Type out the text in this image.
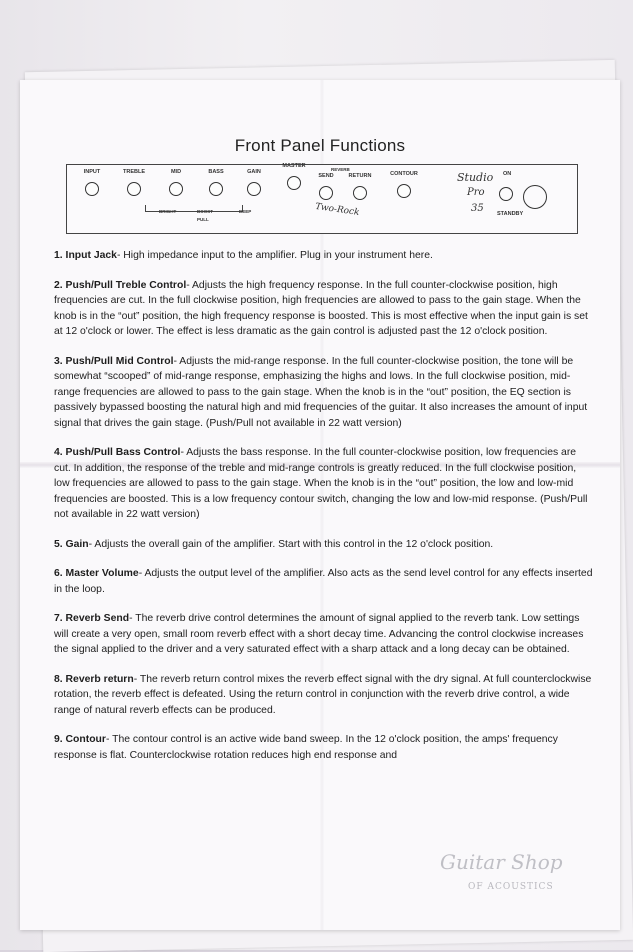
Front Panel Functions
INPUT	TREBLE	MID	BASS	GAIN
MASTER
REVERB
SEND	RETURN	CONTOUR
BRIGHT	BOOST
PULL
DEEP	Two-Rock
Studio
Pro
35
ON
STANDBY

1. Input Jack- High impedance input to the amplifier. Plug in your instrument here.

2. Push/Pull Treble Control- Adjusts the high frequency response. In the full counter-clockwise position, high frequencies are cut. In the full clockwise position, high frequencies are allowed to pass to the gain stage. When the knob is in the “out” position, the high frequency response is boosted. This is most effective when the input gain is set at 12 o'clock or lower. The effect is less dramatic as the gain control is adjusted past the 12 o'clock position.

3. Push/Pull Mid Control- Adjusts the mid-range response. In the full counter-clockwise position, the tone will be somewhat “scooped” of mid-range response, emphasizing the highs and lows. In the full clockwise position, mid-range frequencies are allowed to pass to the gain stage. When the knob is in the “out” position, the EQ section is passively bypassed boosting the natural high and mid frequencies of the guitar. It also increases the amount of input signal that drives the gain stage. (Push/Pull not available in 22 watt version)

4. Push/Pull Bass Control- Adjusts the bass response. In the full counter-clockwise position, low frequencies are cut. In addition, the response of the treble and mid-range controls is greatly reduced. In the full clockwise position, low frequencies are allowed to pass to the gain stage. When the knob is in the “out” position, the low and low-mid frequencies are boosted. This is a low frequency contour switch, changing the low and low-mid response. (Push/Pull not available in 22 watt version)

5. Gain- Adjusts the overall gain of the amplifier. Start with this control in the 12 o'clock position.

6. Master Volume- Adjusts the output level of the amplifier. Also acts as the send level control for any effects inserted in the loop.

7. Reverb Send- The reverb drive control determines the amount of signal applied to the reverb tank. Low settings will create a very open, small room reverb effect with a short decay time. Advancing the control clockwise increases the signal applied to the driver and a very saturated effect with a sharp attack and a long decay can be obtained.

8. Reverb return- The reverb return control mixes the reverb effect signal with the dry signal. At full counterclockwise rotation, the reverb effect is defeated. Using the return control in conjunction with the reverb drive control, a wide range of natural reverb effects can be produced.

9. Contour- The contour control is an active wide band sweep. In the 12 o'clock position, the amps' frequency response is flat. Counterclockwise rotation reduces high end response and

Guitar Shop
OF ACOUSTICS
